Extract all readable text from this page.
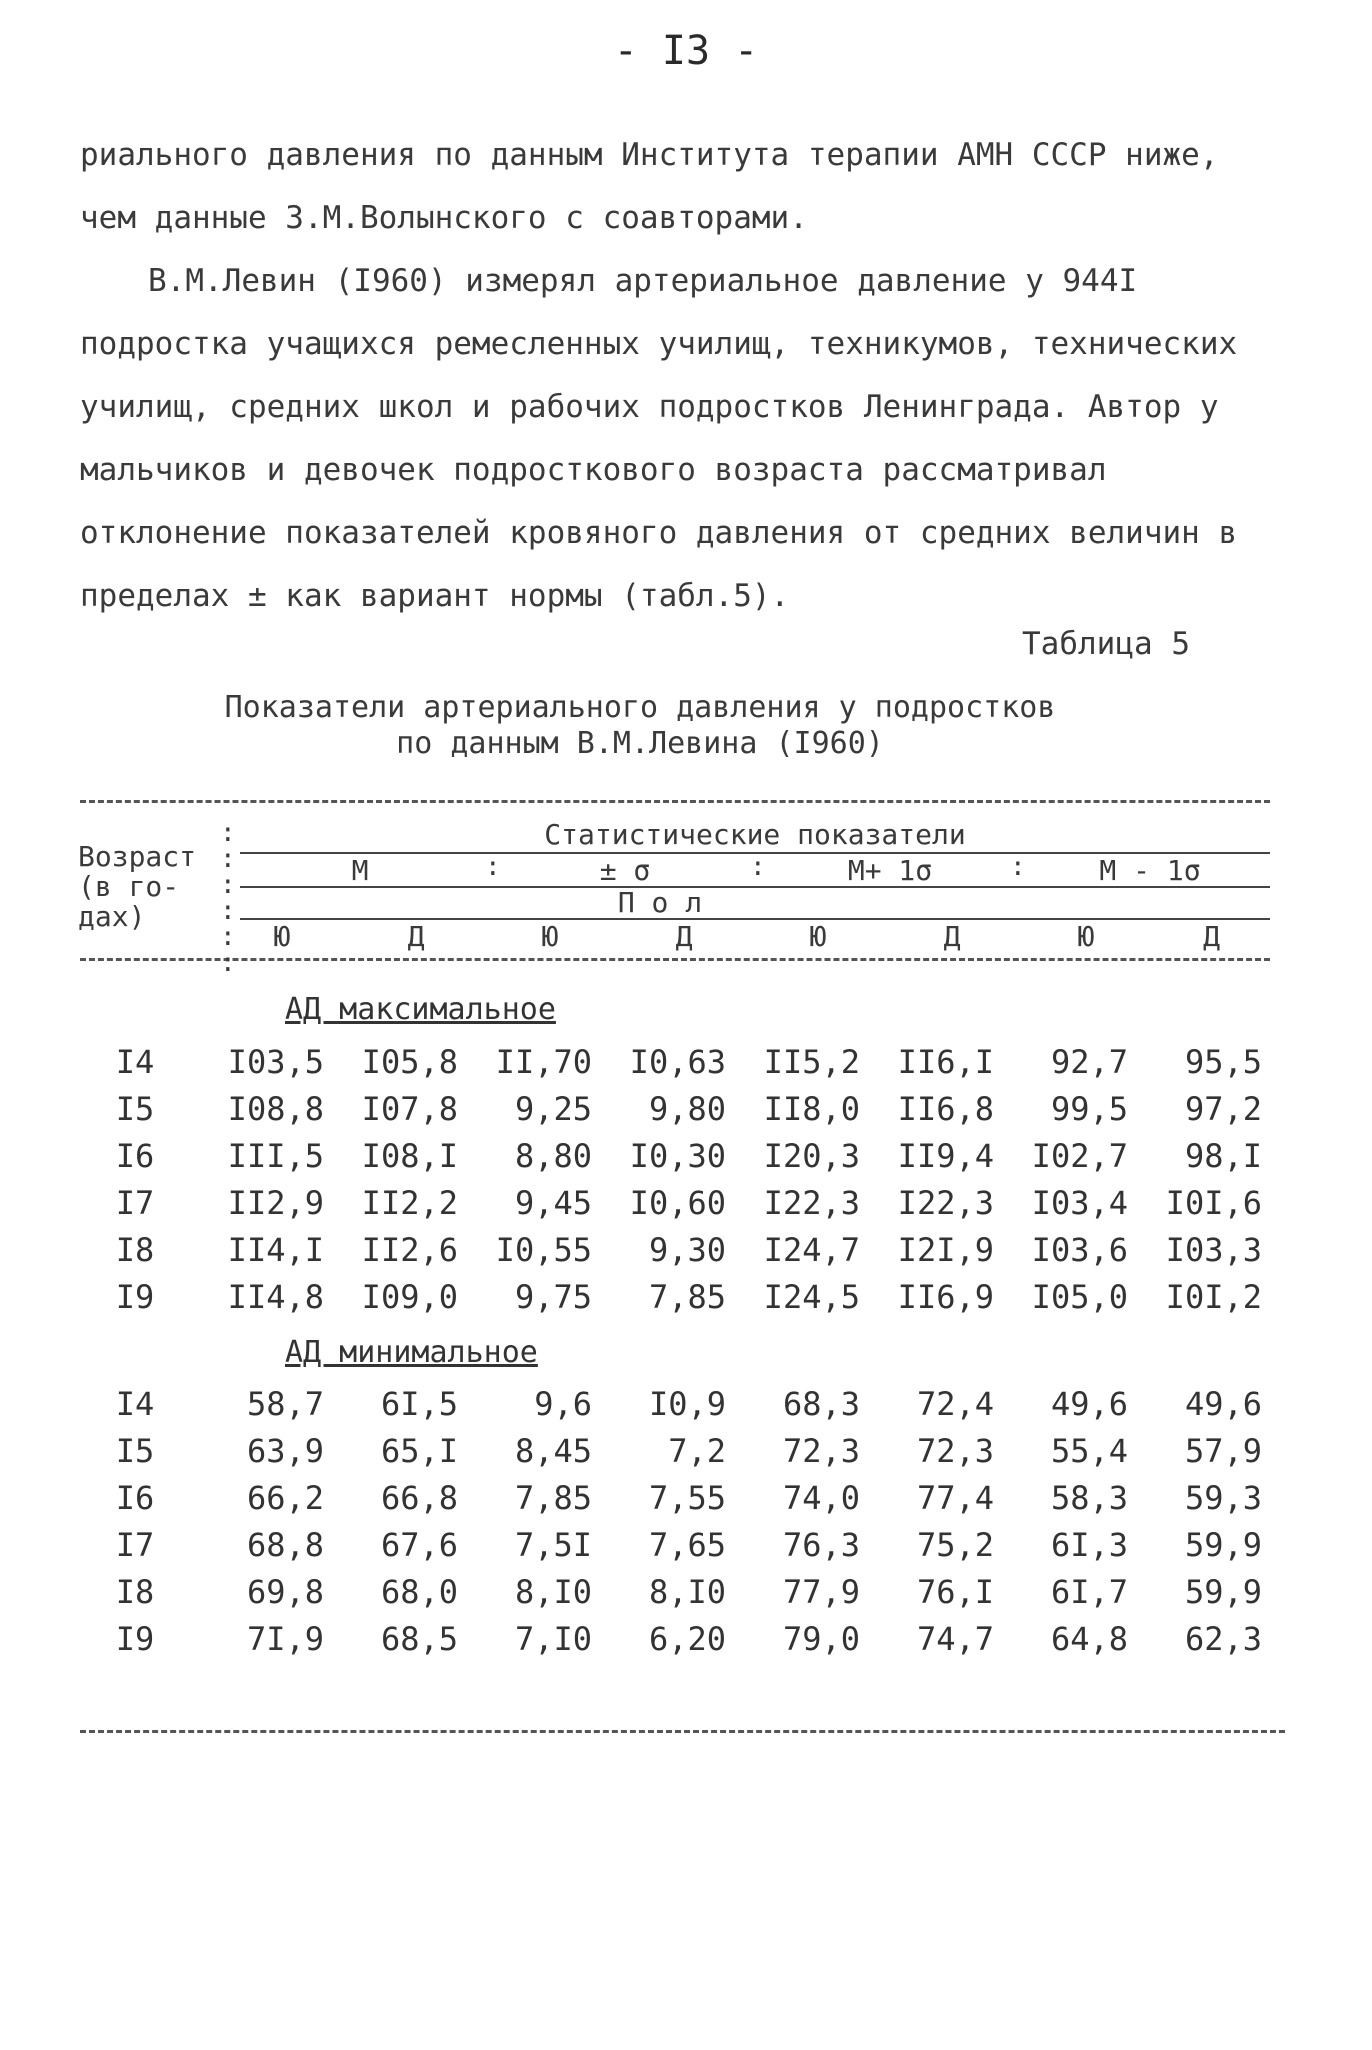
- I3 -
риального давления по данным Института терапии АМН СССР ниже, чем данные З.М.Волынского с соавторами.
В.М.Левин (I960) измерял артериальное давление у 944I подростка учащихся ремесленных училищ, техникумов, технических училищ, средних школ и рабочих подростков Ленинграда. Автор у мальчиков и девочек подросткового возраста рассматривал отклонение показателей кровяного давления от средних величин в пределах ± как вариант нормы (табл.5).
Таблица 5
Показатели артериального давления у подростков
по данным В.М.Левина (I960)
Возраст
(в го-
дах)
:
:
:
:
:
:
Статистические показатели
М	± σ	М+ 1σ	М - 1σ
:	:	:
П о л
Ю	Д	Ю	Д	Ю	Д	Ю	Д
АД максимальное
I4	I03,5	I05,8	II,70	I0,63	II5,2	II6,I	92,7	95,5
I5	I08,8	I07,8	9,25	9,80	II8,0	II6,8	99,5	97,2
I6	III,5	I08,I	8,80	I0,30	I20,3	II9,4	I02,7	98,I
I7	II2,9	II2,2	9,45	I0,60	I22,3	I22,3	I03,4	I0I,6
I8	II4,I	II2,6	I0,55	9,30	I24,7	I2I,9	I03,6	I03,3
I9	II4,8	I09,0	9,75	7,85	I24,5	II6,9	I05,0	I0I,2
АД минимальное
I4	58,7	6I,5	9,6	I0,9	68,3	72,4	49,6	49,6
I5	63,9	65,I	8,45	7,2	72,3	72,3	55,4	57,9
I6	66,2	66,8	7,85	7,55	74,0	77,4	58,3	59,3
I7	68,8	67,6	7,5I	7,65	76,3	75,2	6I,3	59,9
I8	69,8	68,0	8,I0	8,I0	77,9	76,I	6I,7	59,9
I9	7I,9	68,5	7,I0	6,20	79,0	74,7	64,8	62,3
